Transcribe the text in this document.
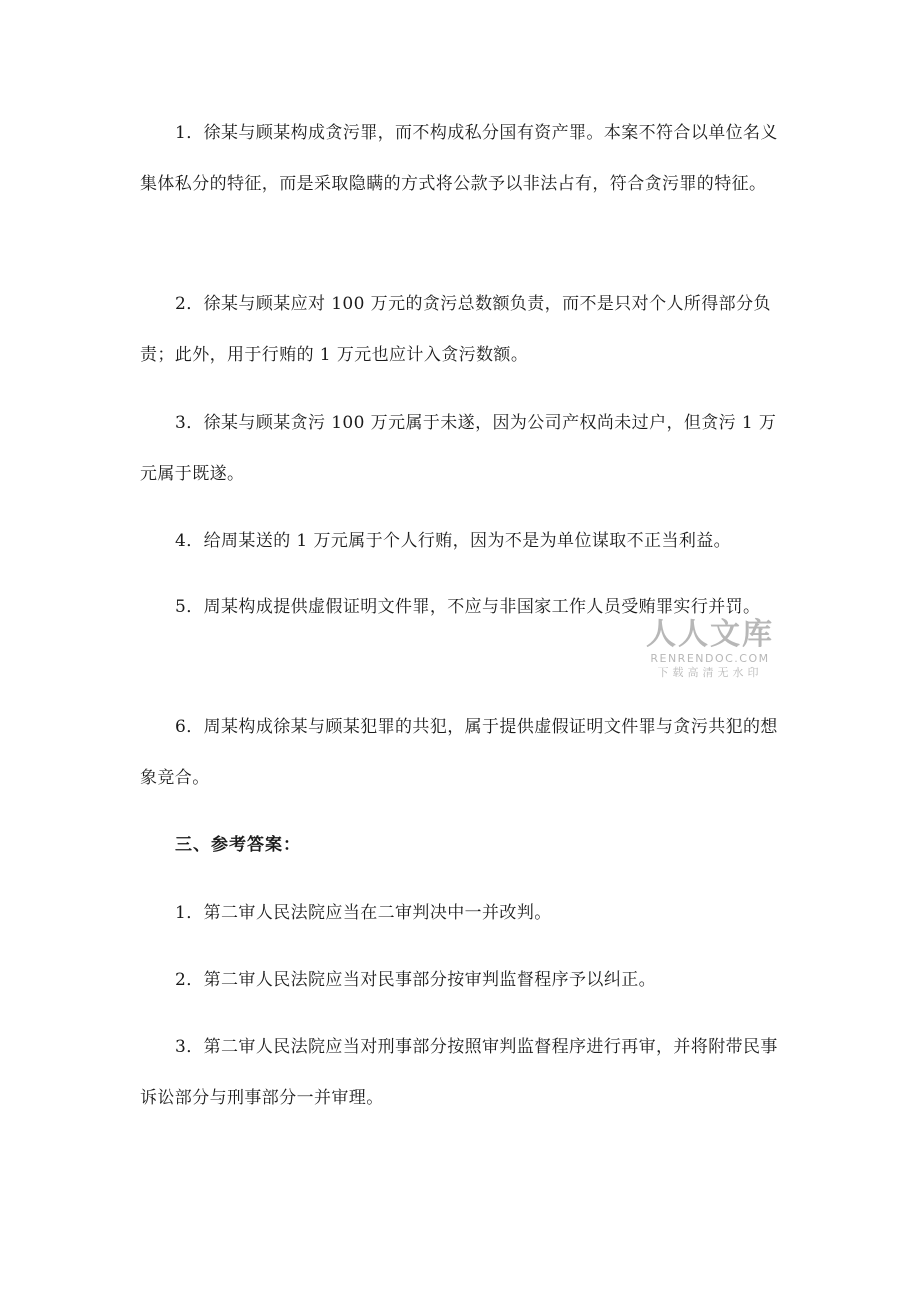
1．徐某与顾某构成贪污罪，而不构成私分国有资产罪。本案不符合以单位名义集体私分的特征，而是采取隐瞒的方式将公款予以非法占有，符合贪污罪的特征。

2．徐某与顾某应对 100 万元的贪污总数额负责，而不是只对个人所得部分负责；此外，用于行贿的 1 万元也应计入贪污数额。

3．徐某与顾某贪污 100 万元属于未遂，因为公司产权尚未过户，但贪污 1 万元属于既遂。

4．给周某送的 1 万元属于个人行贿，因为不是为单位谋取不正当利益。

5．周某构成提供虚假证明文件罪，不应与非国家工作人员受贿罪实行并罚。

6．周某构成徐某与顾某犯罪的共犯，属于提供虚假证明文件罪与贪污共犯的想象竞合。

三、参考答案：

1．第二审人民法院应当在二审判决中一并改判。

2．第二审人民法院应当对民事部分按审判监督程序予以纠正。

3．第二审人民法院应当对刑事部分按照审判监督程序进行再审，并将附带民事诉讼部分与刑事部分一并审理。

人人文库
RENRENDOC.COM
下载高清无水印
